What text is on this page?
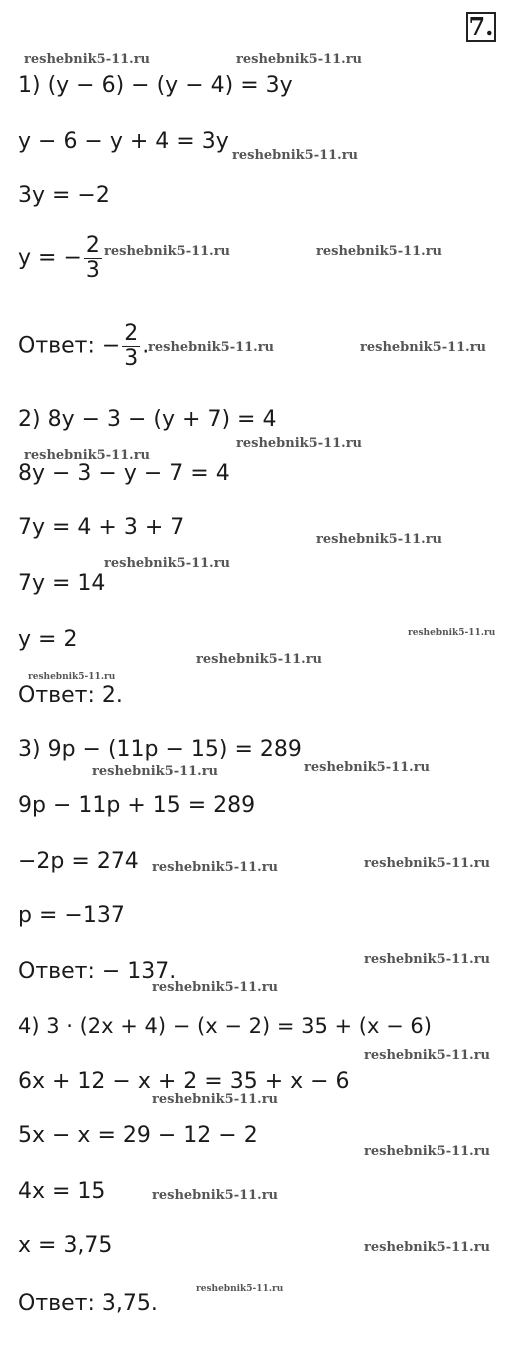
7.
reshebnik5-11.ru	reshebnik5-11.ru
reshebnik5-11.ru
reshebnik5-11.ru	reshebnik5-11.ru
reshebnik5-11.ru	reshebnik5-11.ru
reshebnik5-11.ru
reshebnik5-11.ru
reshebnik5-11.ru
reshebnik5-11.ru
reshebnik5-11.ru
reshebnik5-11.ru
reshebnik5-11.ru
reshebnik5-11.ru	reshebnik5-11.ru
reshebnik5-11.ru	reshebnik5-11.ru
reshebnik5-11.ru
reshebnik5-11.ru
reshebnik5-11.ru
reshebnik5-11.ru
reshebnik5-11.ru
reshebnik5-11.ru
reshebnik5-11.ru
reshebnik5-11.ru
1) (y − 6) − (y − 4) = 3y
y − 6 − y + 4 = 3y
3y = −2
y = − $\frac{2}{3}$
Ответ: − $\frac{2}{3}$ .
2) 8y − 3 − (y + 7) = 4
8y − 3 − y − 7 = 4
7y = 4 + 3 + 7
7y = 14
y = 2
Ответ: 2.
3) 9p − (11p − 15) = 289
9p − 11p + 15 = 289
−2p = 274
p = −137
Ответ: − 137.
4) 3 · (2x + 4) − (x − 2) = 35 + (x − 6)
6x + 12 − x + 2 = 35 + x − 6
5x − x = 29 − 12 − 2
4x = 15
x = 3,75
Ответ: 3,75.
